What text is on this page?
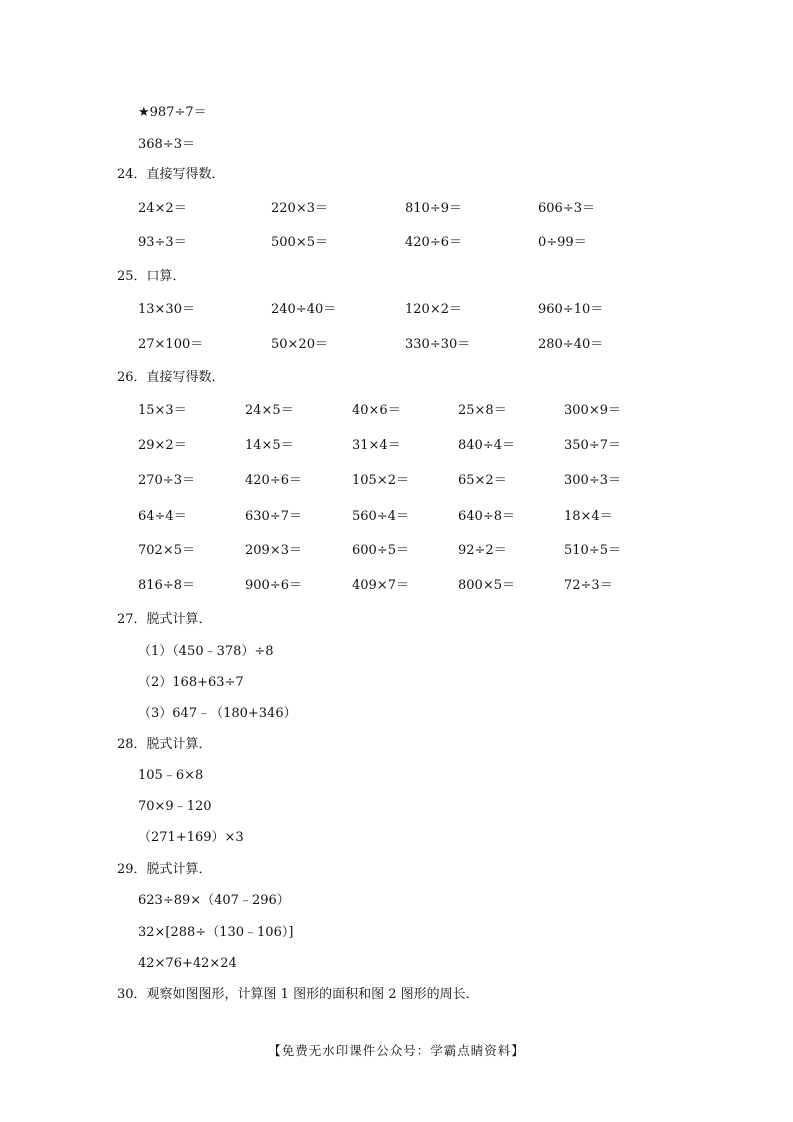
★987÷7＝
368÷3＝
24．直接写得数．
24×2＝	220×3＝	810÷9＝	606÷3＝
93÷3＝	500×5＝	420÷6＝	0÷99＝
25．口算．
13×30＝	240÷40＝	120×2＝	960÷10＝
27×100＝	50×20＝	330÷30＝	280÷40＝
26．直接写得数．
15×3＝	24×5＝	40×6＝	25×8＝	300×9＝
29×2＝	14×5＝	31×4＝	840÷4＝	350÷7＝
270÷3＝	420÷6＝	105×2＝	65×2＝	300÷3＝
64÷4＝	630÷7＝	560÷4＝	640÷8＝	18×4＝
702×5＝	209×3＝	600÷5＝	92÷2＝	510÷5＝
816÷8＝	900÷6＝	409×7＝	800×5＝	72÷3＝
27．脱式计算．
（1）（450﹣378）÷8
（2）168+63÷7
（3）647﹣（180+346）
28．脱式计算．
105﹣6×8
70×9﹣120
（271+169）×3
29．脱式计算．
623÷89×（407﹣296）
32×[288÷（130﹣106）]
42×76+42×24
30．观察如图图形，计算图 1 图形的面积和图 2 图形的周长．
【免费无水印课件公众号：学霸点睛资料】
